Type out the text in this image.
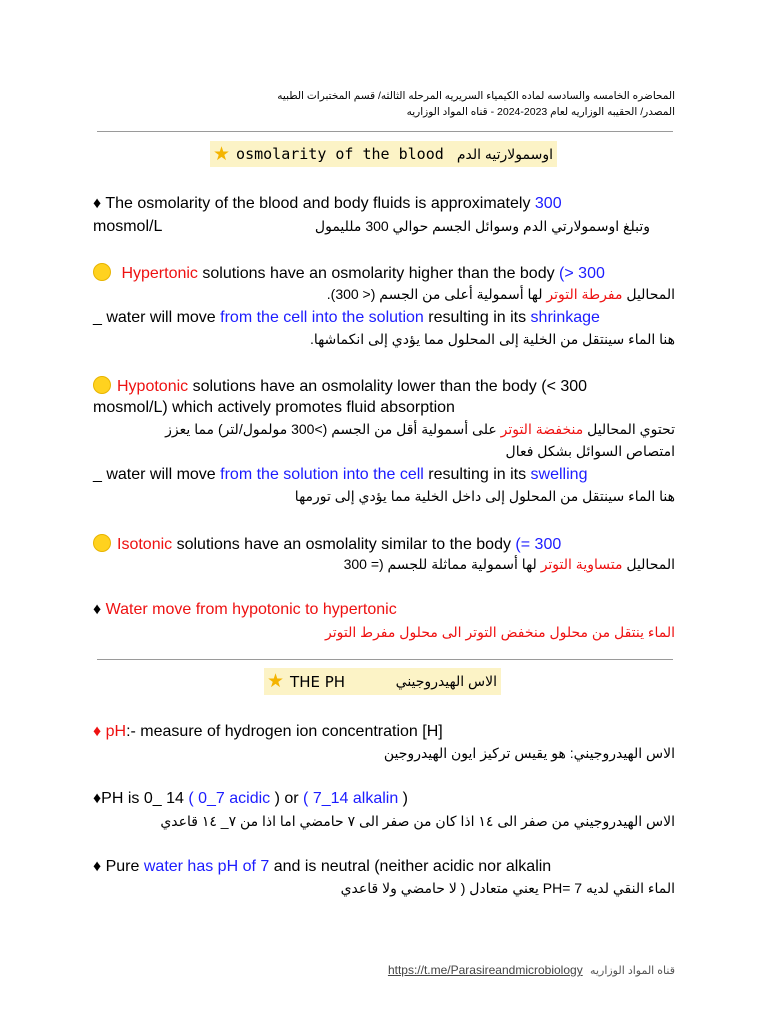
المحاضره الخامسه والسادسه لماده الكيمياء السريريه المرحله الثالثه/ قسم المختبرات الطبيه
المصدر/ الحقيبه الوزاريه لعام 2023-2024 - قناه المواد الوزاريه
★ osmolarity of the blood اوسمولارتيه الدم
♦ The osmolarity of the blood and body fluids is approximately 300
mosmol/L	وتبلغ اوسمولارتي الدم وسوائل الجسم حوالي 300 ملليمول
Hypertonic solutions have an osmolarity higher than the body (> 300
المحاليل مفرطة التوتر لها أسمولية أعلى من الجسم (< 300).
_ water will move from the cell into the solution resulting in its shrinkage
هنا الماء سينتقل من الخلية إلى المحلول مما يؤدي إلى انكماشها.
Hypotonic solutions have an osmolality lower than the body (< 300
mosmol/L) which actively promotes fluid absorption
تحتوي المحاليل منخفضة التوتر على أسمولية أقل من الجسم (>300 مولمول/لتر) مما يعزز
امتصاص السوائل بشكل فعال
_ water will move from the solution into the cell resulting in its swelling
هنا الماء سينتقل من المحلول إلى داخل الخلية مما يؤدي إلى تورمها
Isotonic solutions have an osmolality similar to the body (= 300
المحاليل متساوية التوتر لها أسمولية مماثلة للجسم (= 300
♦ Water move from hypotonic to hypertonic
الماء ينتقل من محلول منخفض التوتر الى محلول مفرط التوتر
★ THE PH	الاس الهيدروجيني
♦ pH:- measure of hydrogen ion concentration [H]
الاس الهيدروجيني: هو يقيس تركيز ايون الهيدروجين
♦PH is 0_ 14 ( 0_7 acidic ) or ( 7_14 alkalin )
الاس الهيدروجيني من صفر الى ١٤ اذا كان من صفر الى ٧ حامضي اما اذا من ٧_ ١٤ قاعدي
♦ Pure water has pH of 7 and is neutral (neither acidic nor alkalin
الماء النقي لديه PH= 7 يعني متعادل ( لا حامضي ولا قاعدي
قناه المواد الوزاريه https://t.me/Parasireandmicrobiology
